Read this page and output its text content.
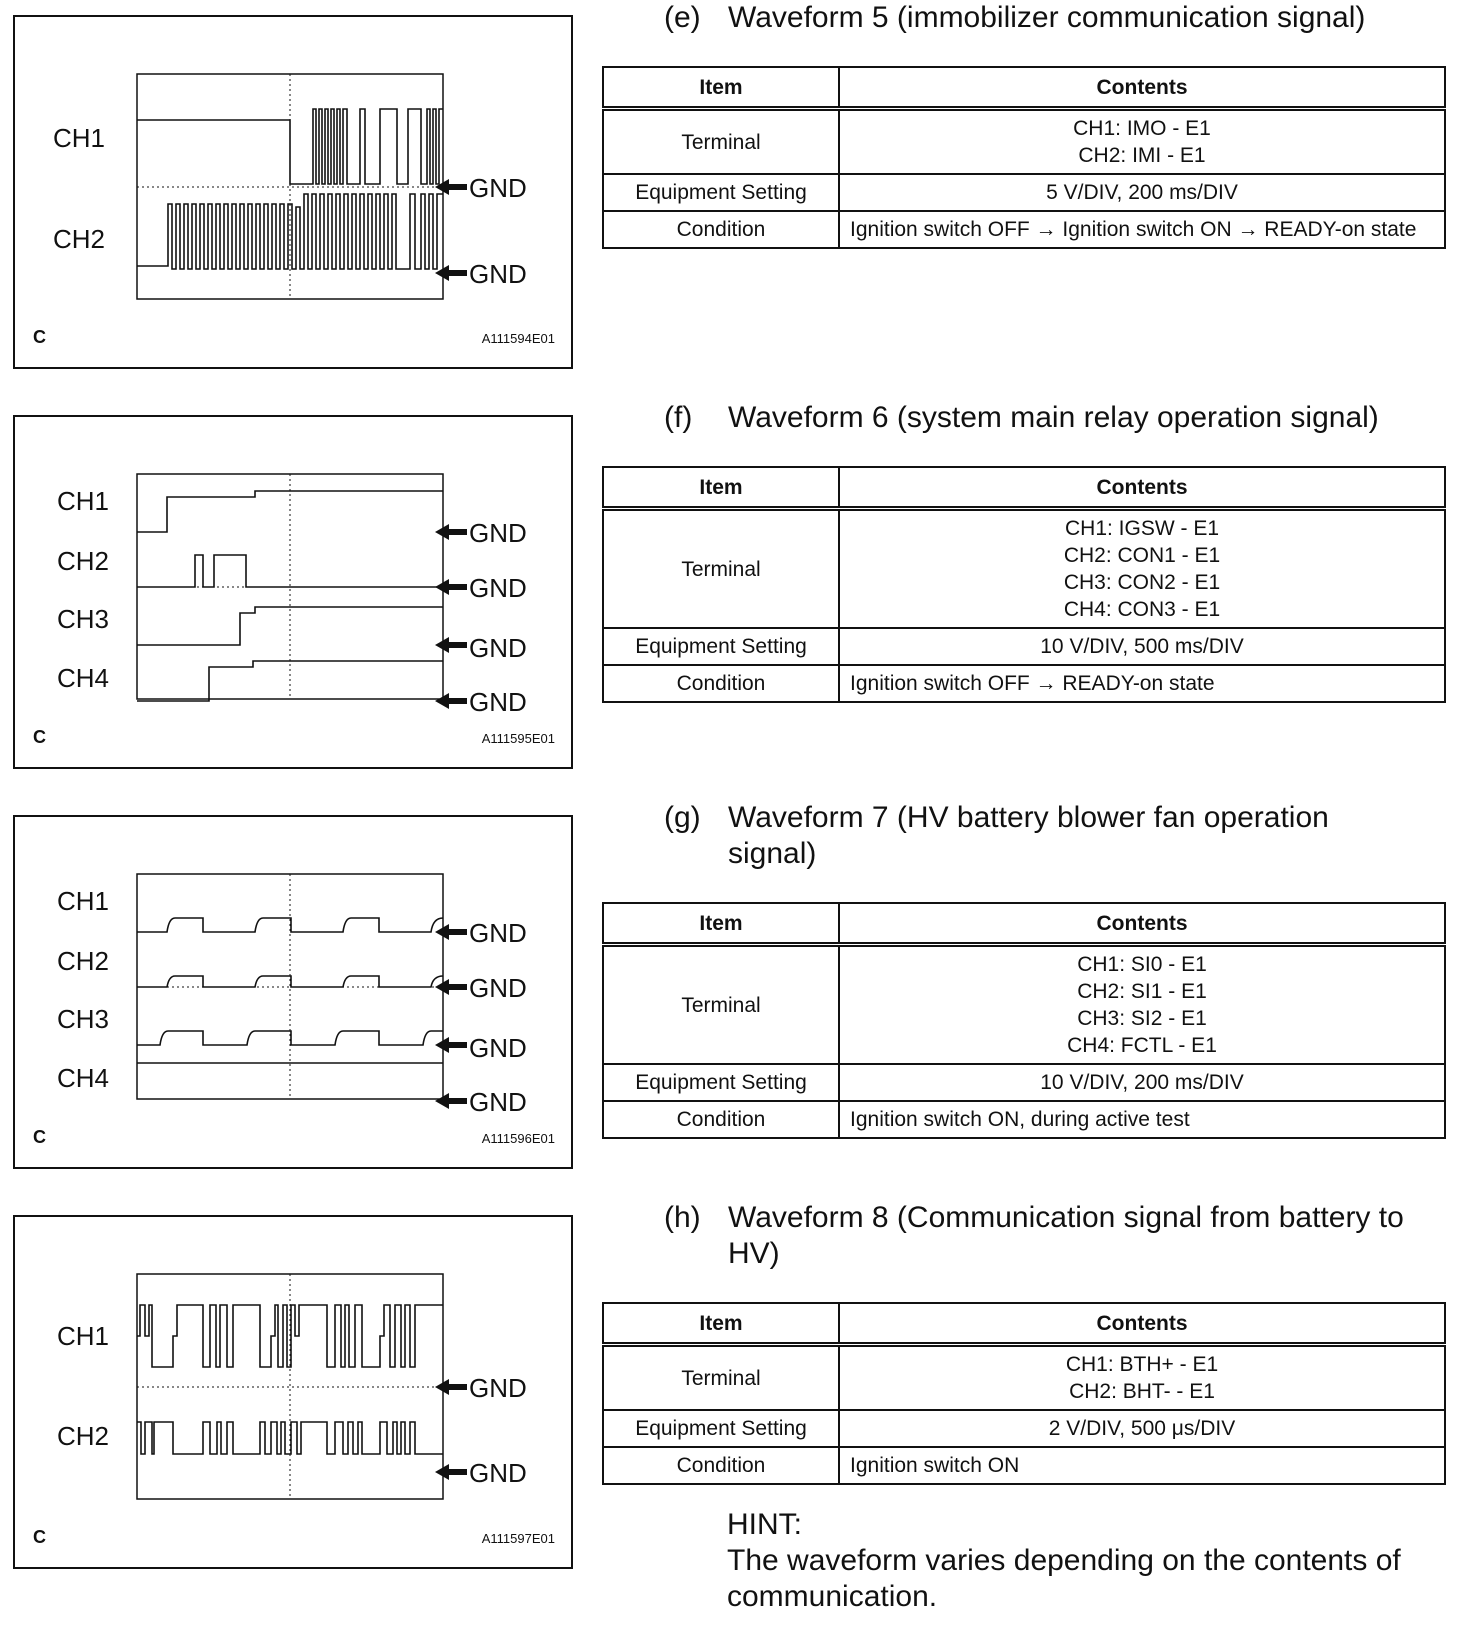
CH1
CH2
GND
GND
C	A111594E01
(e) Waveform 5 (immobilizer communication signal)
Item	Contents
Terminal	CH1: IMO - E1
CH2: IMI - E1

Equipment Setting	5 V/DIV, 200 ms/DIV
Condition	Ignition switch OFF → Ignition switch ON → READY-on state
CH1
CH2
CH3
CH4
GND
GND
GND
GND
C	A111595E01
(f) Waveform 6 (system main relay operation signal)
Item	Contents
Terminal	CH1: IGSW - E1
CH2: CON1 - E1
CH3: CON2 - E1
CH4: CON3 - E1

Equipment Setting	10 V/DIV, 500 ms/DIV
Condition	Ignition switch OFF → READY-on state
CH1
CH2
CH3
CH4
GND
GND
GND
GND
C	A111596E01
(g) Waveform 7 (HV battery blower fan operation signal)
Item	Contents
Terminal	CH1: SI0 - E1
CH2: SI1 - E1
CH3: SI2 - E1
CH4: FCTL - E1

Equipment Setting	10 V/DIV, 200 ms/DIV
Condition	Ignition switch ON, during active test
CH1
CH2
GND
GND
C	A111597E01
(h) Waveform 8 (Communication signal from battery to HV)
Item	Contents
Terminal	CH1: BTH+ - E1
CH2: BHT- - E1

Equipment Setting	2 V/DIV, 500 μs/DIV
Condition	Ignition switch ON
HINT:
The waveform varies depending on the contents of communication.
